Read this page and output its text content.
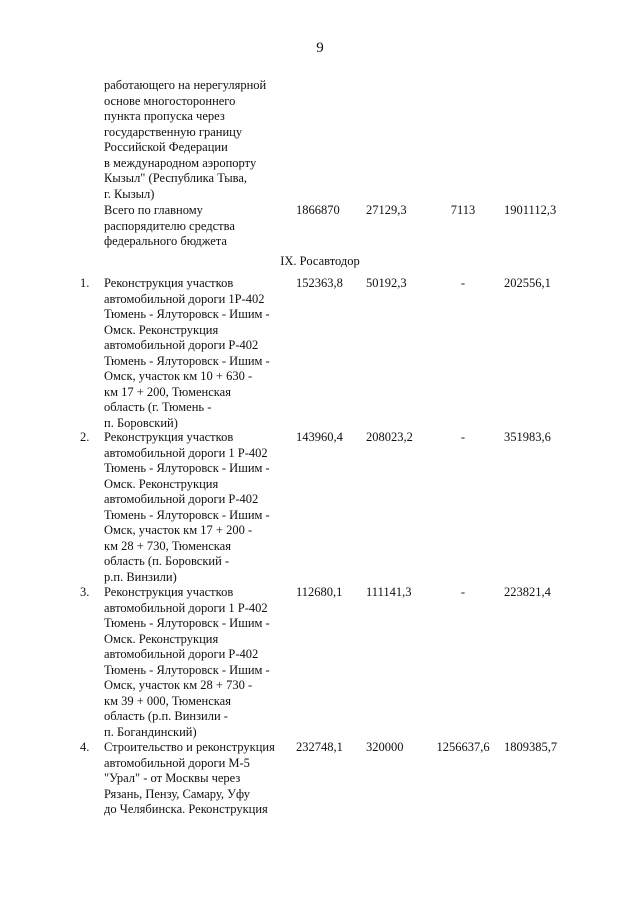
9
работающего на нерегулярной
основе многостороннего
пункта пропуска через
государственную границу
Российской Федерации
в международном аэропорту
Кызыл" (Республика Тыва,
г. Кызыл)
Всего по главному
распорядителю средства
федерального бюджета
1866870 27129,3	7113	1901112,3
IX. Росавтодор
1. Реконструкция участков
автомобильной дороги 1Р-402
Тюмень - Ялуторовск - Ишим -
Омск. Реконструкция
автомобильной дороги Р-402
Тюмень - Ялуторовск - Ишим -
Омск, участок км 10 + 630 -
км 17 + 200, Тюменская
область (г. Тюмень -
п. Боровский)
152363,8 50192,3	-	202556,1
2. Реконструкция участков
автомобильной дороги 1 Р-402
Тюмень - Ялуторовск - Ишим -
Омск. Реконструкция
автомобильной дороги Р-402
Тюмень - Ялуторовск - Ишим -
Омск, участок км 17 + 200 -
км 28 + 730, Тюменская
область (п. Боровский -
р.п. Винзили)
143960,4 208023,2	-	351983,6
3. Реконструкция участков
автомобильной дороги 1 Р-402
Тюмень - Ялуторовск - Ишим -
Омск. Реконструкция
автомобильной дороги Р-402
Тюмень - Ялуторовск - Ишим -
Омск, участок км 28 + 730 -
км 39 + 000, Тюменская
область (р.п. Винзили -
п. Богандинский)
112680,1 111141,3	-	223821,4
4. Строительство и реконструкция
автомобильной дороги М-5
"Урал" - от Москвы через
Рязань, Пензу, Самару, Уфу
до Челябинска. Реконструкция
232748,1 320000	1256637,6	1809385,7
